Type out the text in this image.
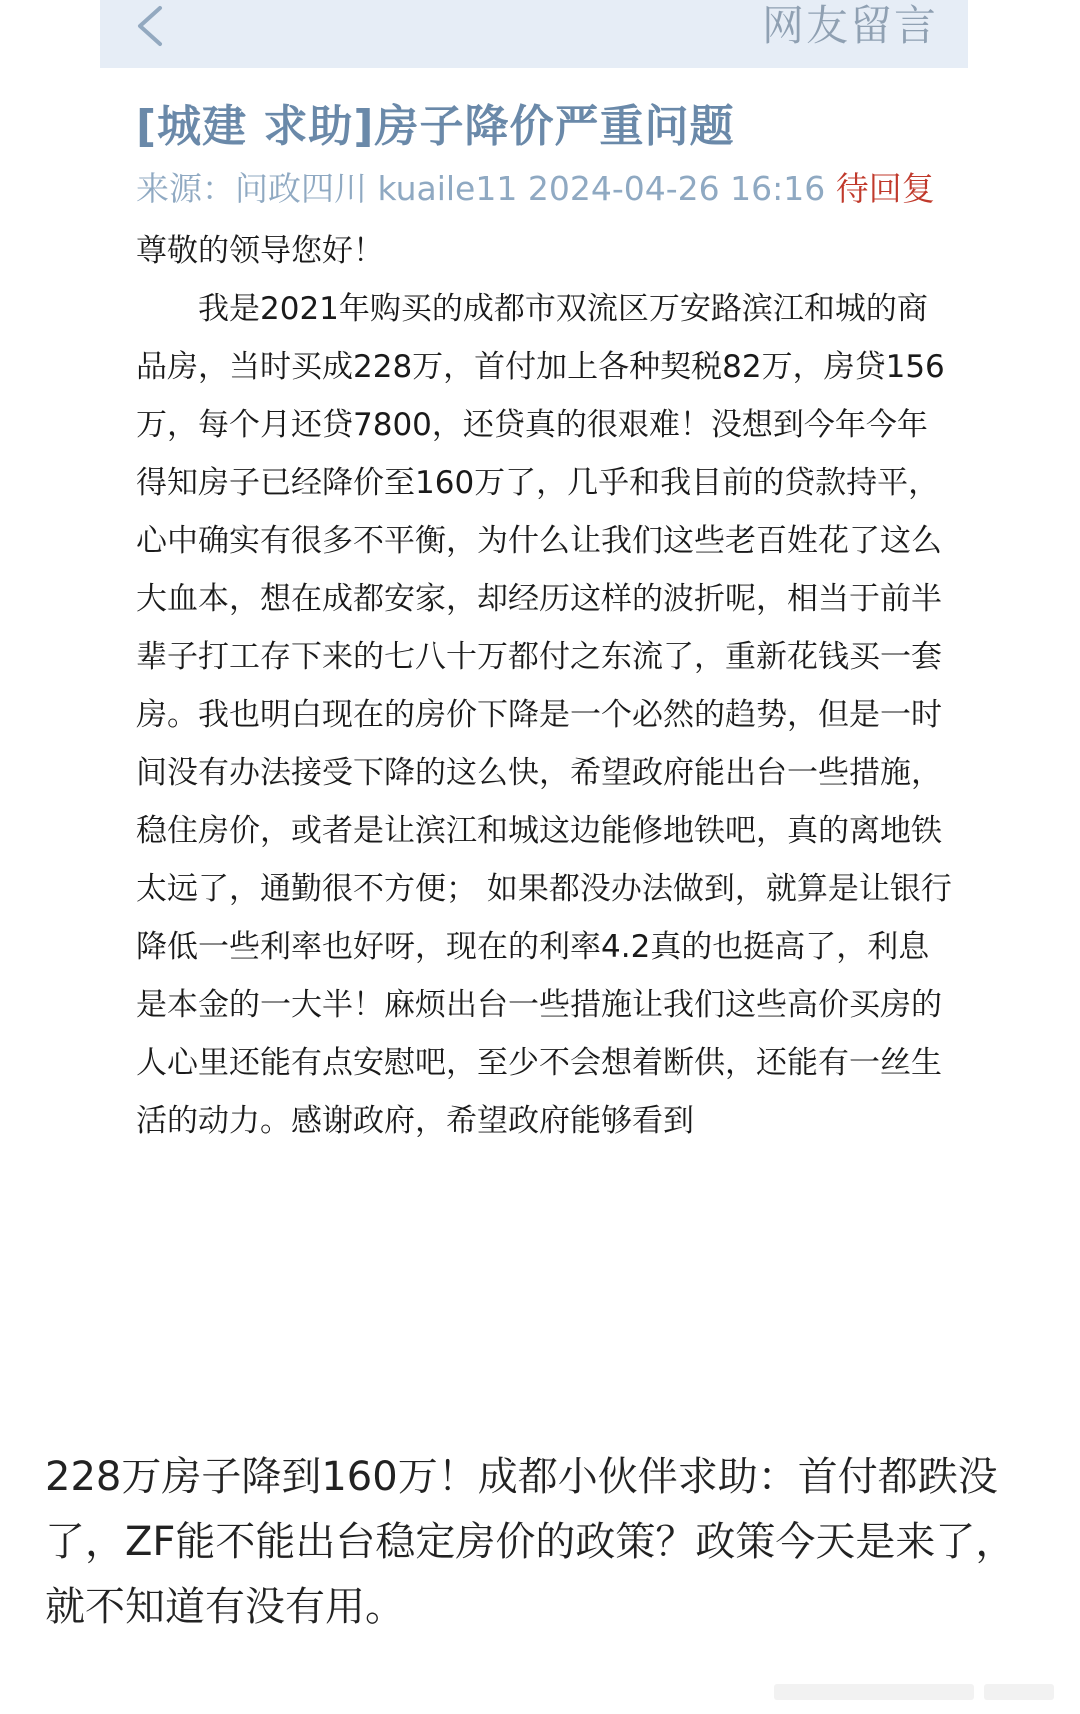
网友留言
[城建 求助]房子降价严重问题
来源：问政四川 kuaile11 2024-04-26 16:16 待回复
尊敬的领导您好！

我是2021年购买的成都市双流区万安路滨江和城的商品房，当时买成228万，首付加上各种契税82万，房贷156万，每个月还贷7800，还贷真的很艰难！没想到今年今年得知房子已经降价至160万了，几乎和我目前的贷款持平，心中确实有很多不平衡，为什么让我们这些老百姓花了这么大血本，想在成都安家，却经历这样的波折呢，相当于前半辈子打工存下来的七八十万都付之东流了，重新花钱买一套房。我也明白现在的房价下降是一个必然的趋势，但是一时间没有办法接受下降的这么快，希望政府能出台一些措施，稳住房价，或者是让滨江和城这边能修地铁吧，真的离地铁太远了，通勤很不方便； 如果都没办法做到，就算是让银行降低一些利率也好呀，现在的利率4.2真的也挺高了，利息是本金的一大半！麻烦出台一些措施让我们这些高价买房的人心里还能有点安慰吧，至少不会想着断供，还能有一丝生活的动力。感谢政府，希望政府能够看到

228万房子降到160万！成都小伙伴求助：首付都跌没了，ZF能不能出台稳定房价的政策？政策今天是来了，就不知道有没有用。
